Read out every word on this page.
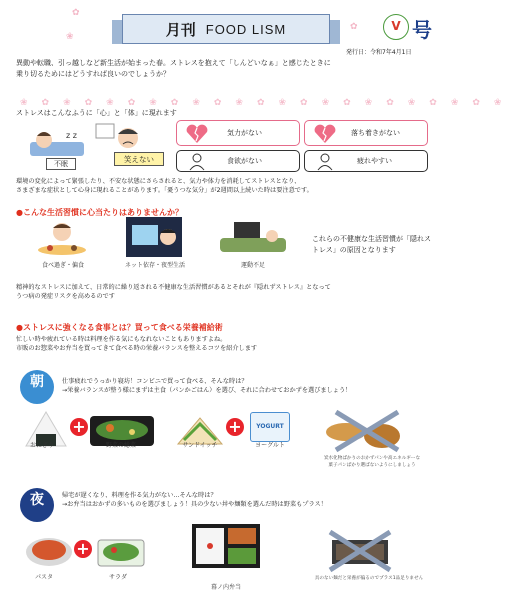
✿
✿
❀
❀✿❀✿❀✿❀✿❀✿❀✿❀✿❀✿❀✿❀✿❀✿❀
月刊 FOOD LISM	V 号
発行日：令和7年4月1日
異動や転職、引っ越しなど新生活が始まった春。ストレスを抱えて「しんどいなぁ」と感じたときに
乗り切るためにはどうすれば良いのでしょうか？
ストレスはこんなふうに「心」と「体」に現れます
z z
不眠	笑えない
気力がない	落ち着きがない
食欲がない	疲れやすい
環境の変化によって緊張したり、不安な状態にさらされると、気力や体力を消耗してストレスとなり、
さまざまな症状として心身に現れることがあります。「憂うつな気分」が2週間以上続いた時は要注意です。
●こんな生活習慣に心当たりはありませんか？
食べ過ぎ・偏食	ネット依存・夜型生活	運動不足
これらの不健康な生活習慣が「隠れストレス」の原因となります
精神的なストレスに加えて、日常的に繰り返される不健康な生活習慣があるとそれが『隠れずストレス』となって
うつ病の発症リスクを高めるのです
●ストレスに強くなる食事とは？買って食べる栄養補給術
忙しい時や疲れている時は料理を作る気にもなれないこともありますよね。
市販のお惣菜やお弁当を買ってきて食べる時の栄養バランスを整えるコツを紹介します
朝	仕事疲れでうっかり寝坊！コンビニで買って食べる、そんな時は？
→栄養バランスが整う様にまずは主食（パンかごはん）を選び、それに合わせておかずを選びましょう！
おにぎり
+
野菜の総菜	サンドイッチ
+	YOGURT
ヨーグルト
炭水化物ばかりのおかずパンや高エネルギーな
菓子パンばかり選ばないようにしましょう
夜	帰宅が遅くなり、料理を作る気力がない…そんな時は？
→お弁当はおかずの多いものを選びましょう！具の少ない丼や麺類を選んだ時は野菜もプラス！
パスタ
+
サラダ
幕ノ内弁当
具のない麺だと栄養が偏るのでプラス1品足りません
